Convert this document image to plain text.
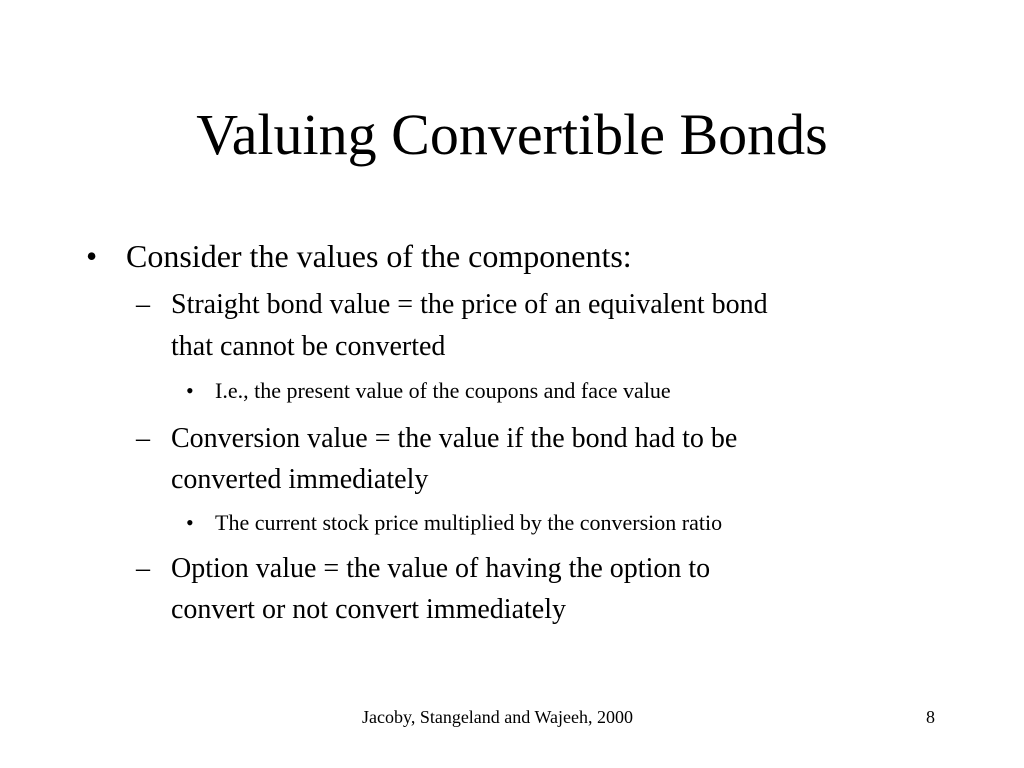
Valuing Convertible Bonds
• Consider the values of the components:
– Straight bond value = the price of an equivalent bond
that cannot be converted
• I.e., the present value of the coupons and face value
– Conversion value = the value if the bond had to be
converted immediately
• The current stock price multiplied by the conversion ratio
– Option value = the value of having the option to
convert or not convert immediately
Jacoby, Stangeland and Wajeeh, 2000	8
